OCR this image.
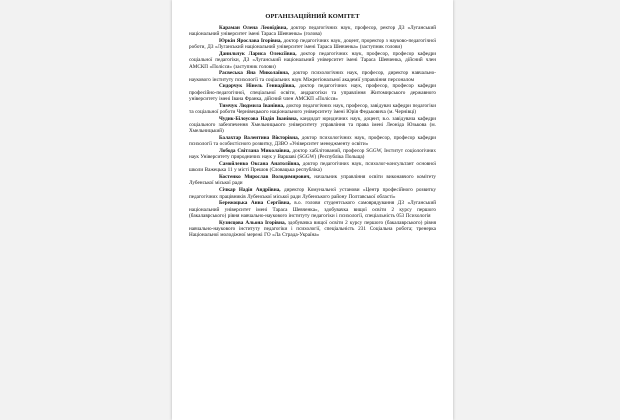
ОРГАНІЗАЦІЙНИЙ КОМІТЕТ

Караман Олена Леонідівна, доктор педагогічних наук, професор, ректор ДЗ «Луганський національний університет імені Тараса Шевченка» (голова)

Юркін Ярослава Ігорівна, доктор педагогічних наук, доцент, проректор з науково-педагогічної роботи, ДЗ «Луганський національний університет імені Тараса Шевченка» (заступник голови)

Данильчук Лариса Олексіївна, доктор педагогічних наук, професор, професор кафедри соціальної педагогіки, ДЗ «Луганський національний університет імені Тараса Шевченка, дійсний член АМСКП «Полісся» (заступник голови)

Расвеська Яна Миколаївна, доктор психологічних наук, професор, директор навчально-наукового інституту психології та соціальних наук Міжрегіональної академії управління персоналом

Сидорчук Нінель Геннадіївна, доктор педагогічних наук, професор, професор кафедри професійно-педагогічної, спеціальної освіти, андрагогіки та управління Житомирського державного університету імені Івана Франка, дійсний член АМСКП «Полісся»

Тимчук Людмила Іванівна, доктор педагогічних наук, професор, завідувач кафедри педагогіки та соціальної роботи Чернівецького національного університету імені Юрія Федьковича (м. Чернівці)

Чудик-Білоусова Надія Іванівна, кандидат юридичних наук, доцент, в.о. завідувача кафедри соціального забезпечення Хмельницького університету управління та права імені Леоніда Юзькова (м. Хмельницький)

Балахтар Валентина Вікторівна, доктор психологічних наук, професор, професор кафедри психології та особистісного розвитку, ДЗВО «Університет менеджменту освіти»

Лобода Світлана Миколаївна, доктор хабілітований, професор SGGW, Інститут соціологічних наук Університету природничих наук у Варшаві (SGGW) (Республіка Польща)

Самойленко Оксана Анатоліївна, доктор педагогічних наук, психолог-консультант основної школи Важецька 11 у місті Прешов (Словацька республіка)

Костенко Мирослав Володимирович, начальник управління освіти виконавчого комітету Лубенської міської ради

Січкар Надія Андріївна, директор Комунальної установи «Центр професійного розвитку педагогічних працівників Лубенської міської ради Лубенського району Полтавської області»

Бережоцька Анна Сергіївна, в.о. голови студентського самоврядування ДЗ «Луганський національний університет імені Тараса Шевченка», здобувачка вищої освіти 2 курсу першого (бакалаврського) рівня навчально-наукового інституту педагогіки і психології, спеціальність 053 Психологія

Кузнєцова Альона Ігорівна, здобувачка вищої освіти 2 курсу першого (бакалаврського) рівня навчально-наукового інституту педагогіки і психології, спеціальність 231 Соціальна робота; тренерка Національної молодіжної мережі ГО «Ла Страда-Україна»
